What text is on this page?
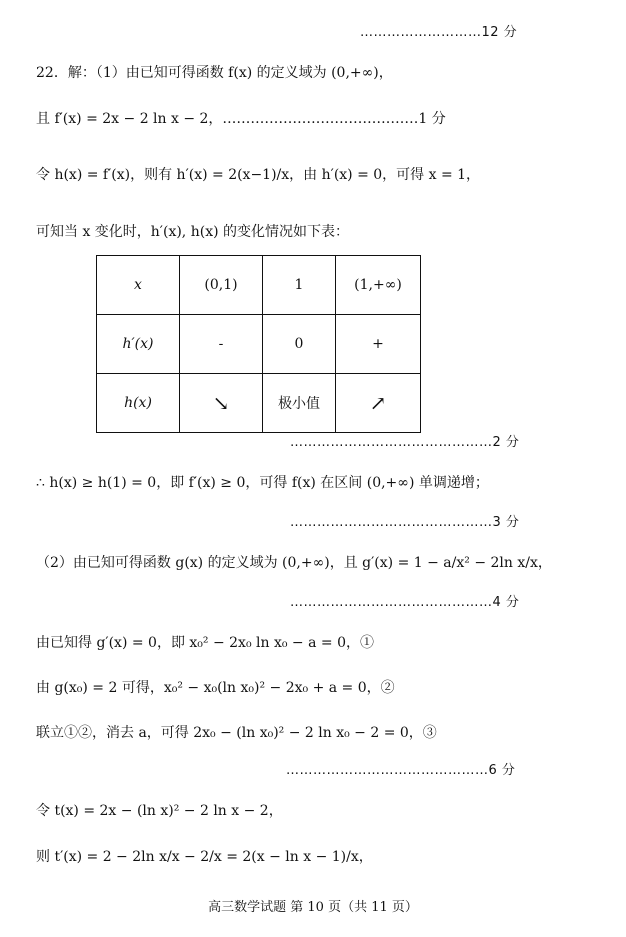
………………………12 分
22．解：（1）由已知可得函数 f(x) 的定义域为 (0,+∞)，
且 f′(x) = 2x − 2 ln x − 2，……………………………………1 分
令 h(x) = f′(x)，则有 h′(x) = 2(x−1)/x，由 h′(x) = 0，可得 x = 1，
可知当 x 变化时，h′(x), h(x) 的变化情况如下表：
x	(0,1)	1	(1,+∞)
h′(x)	-	0	+
h(x)	↘	极小值	↗
………………………………………2 分
∴ h(x) ≥ h(1) = 0，即 f′(x) ≥ 0，可得 f(x) 在区间 (0,+∞) 单调递增；
………………………………………3 分
（2）由已知可得函数 g(x) 的定义域为 (0,+∞)，且 g′(x) = 1 − a/x² − 2ln x/x，
………………………………………4 分
由已知得 g′(x) = 0，即 x₀² − 2x₀ ln x₀ − a = 0，①
由 g(x₀) = 2 可得，x₀² − x₀(ln x₀)² − 2x₀ + a = 0，②
联立①②，消去 a，可得 2x₀ − (ln x₀)² − 2 ln x₀ − 2 = 0，③
………………………………………6 分
令 t(x) = 2x − (ln x)² − 2 ln x − 2，
则 t′(x) = 2 − 2ln x/x − 2/x = 2(x − ln x − 1)/x，
高三数学试题 第 10 页（共 11 页）
